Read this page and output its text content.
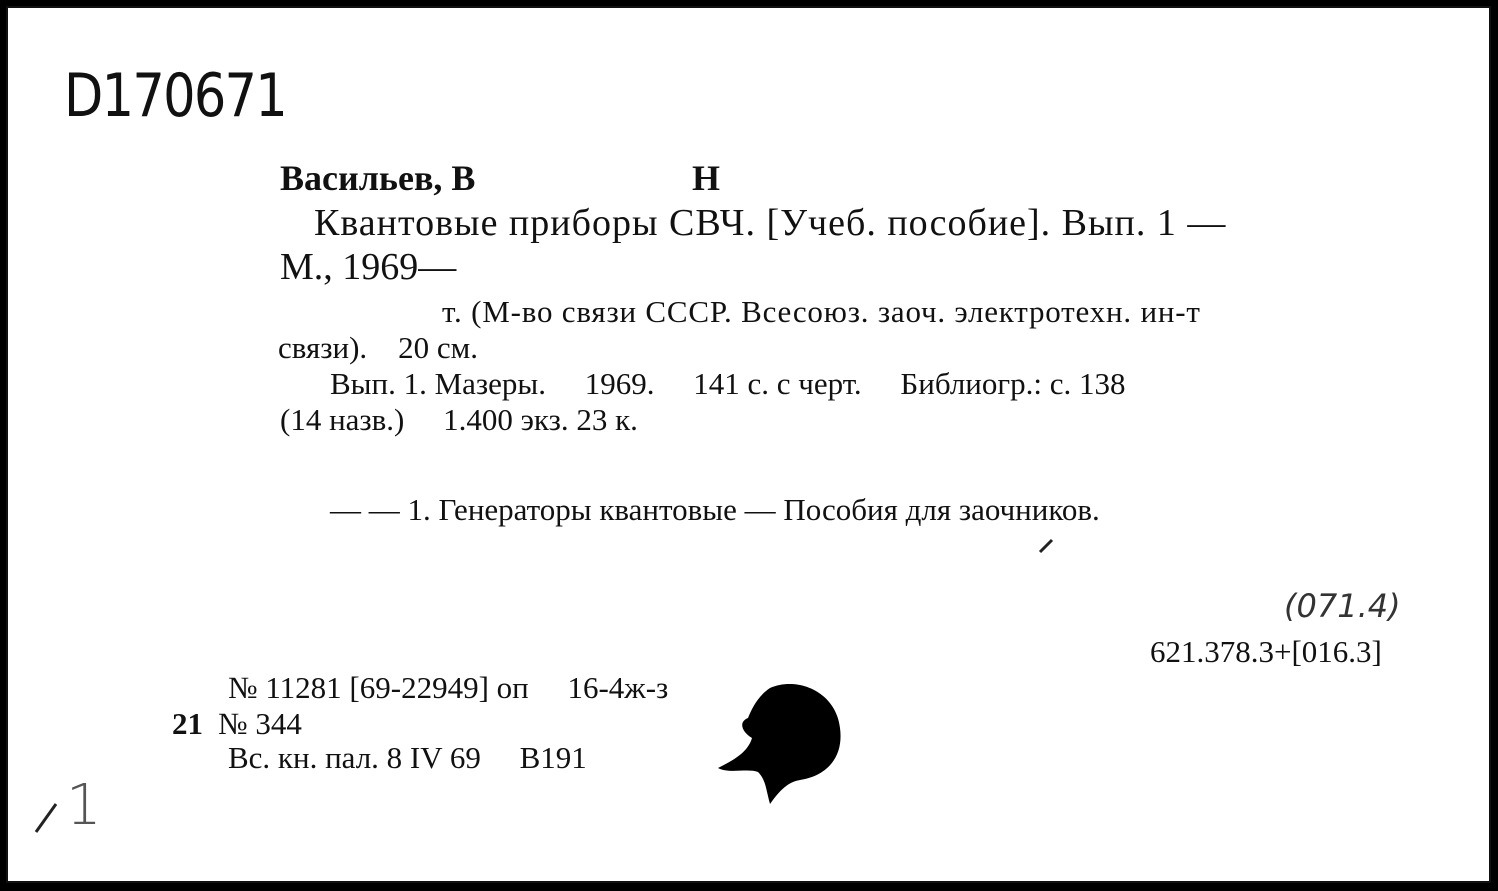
D170671
Васильев, В	Н
Квантовые приборы СВЧ. [Учеб. пособие]. Вып. 1 —
М., 1969—
т. (М-во связи СССР. Всесоюз. заоч. электротехн. ин-т
связи).    20 см.
Вып. 1. Мазеры.     1969.     141 с. с черт.     Библиогр.: с. 138
(14 назв.)     1.400 экз. 23 к.
— — 1. Генераторы квантовые — Пособия для заочников.
(071.4)
621.378.3+[016.3]
№ 11281 [69-22949] оп     16-4ж-з
21 № 344
Вс. кн. пал. 8 IV 69     В191
1
